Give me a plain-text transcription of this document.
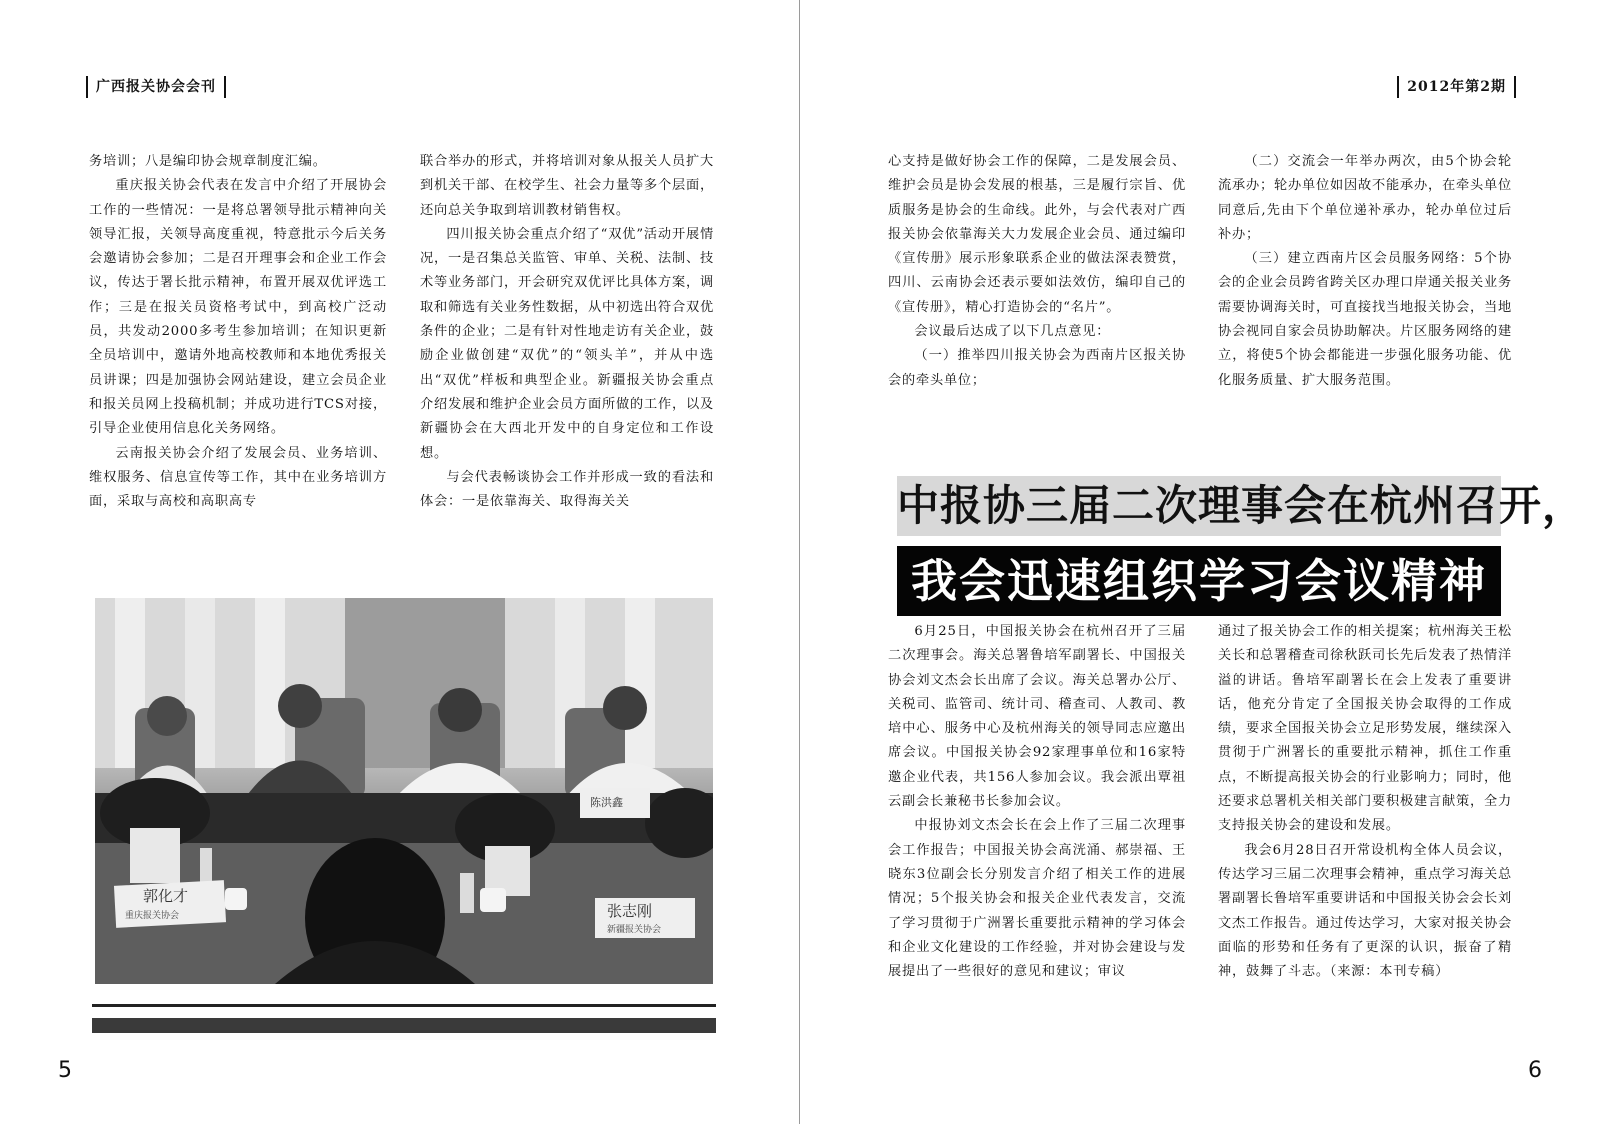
广西报关协会会刊

务培训；八是编印协会规章制度汇编。

重庆报关协会代表在发言中介绍了开展协会工作的一些情况：一是将总署领导批示精神向关领导汇报，关领导高度重视，特意批示今后关务会邀请协会参加；二是召开理事会和企业工作会议，传达于署长批示精神，布置开展双优评选工作；三是在报关员资格考试中，到高校广泛动员，共发动2000多考生参加培训；在知识更新全员培训中，邀请外地高校教师和本地优秀报关员讲课；四是加强协会网站建设，建立会员企业和报关员网上投稿机制；并成功进行TCS对接，引导企业使用信息化关务网络。

云南报关协会介绍了发展会员、业务培训、维权服务、信息宣传等工作，其中在业务培训方面，采取与高校和高职高专

联合举办的形式，并将培训对象从报关人员扩大到机关干部、在校学生、社会力量等多个层面，还向总关争取到培训教材销售权。

四川报关协会重点介绍了“双优”活动开展情况，一是召集总关监管、审单、关税、法制、技术等业务部门，开会研究双优评比具体方案，调取和筛选有关业务性数据，从中初选出符合双优条件的企业；二是有针对性地走访有关企业，鼓励企业做创建“双优”的“领头羊”，并从中选出“双优”样板和典型企业。新疆报关协会重点介绍发展和维护企业会员方面所做的工作，以及新疆协会在大西北开发中的自身定位和工作设想。

与会代表畅谈协会工作并形成一致的看法和体会：一是依靠海关、取得海关关

郭化才
重庆报关协会	张志刚
新疆报关协会
陈洪鑫
5
2012年第2期

心支持是做好协会工作的保障，二是发展会员、维护会员是协会发展的根基，三是履行宗旨、优质服务是协会的生命线。此外，与会代表对广西报关协会依靠海关大力发展企业会员、通过编印《宣传册》展示形象联系企业的做法深表赞赏，四川、云南协会还表示要如法效仿，编印自己的《宣传册》，精心打造协会的“名片”。

会议最后达成了以下几点意见：

（一）推举四川报关协会为西南片区报关协会的牵头单位；

（二）交流会一年举办两次，由5个协会轮流承办；轮办单位如因故不能承办，在牵头单位同意后,先由下个单位递补承办，轮办单位过后补办；

（三）建立西南片区会员服务网络：5个协会的企业会员跨省跨关区办理口岸通关报关业务需要协调海关时，可直接找当地报关协会，当地协会视同自家会员协助解决。片区服务网络的建立，将使5个协会都能进一步强化服务功能、优化服务质量、扩大服务范围。

中报协三届二次理事会在杭州召开，
我会迅速组织学习会议精神

6月25日，中国报关协会在杭州召开了三届二次理事会。海关总署鲁培军副署长、中国报关协会刘文杰会长出席了会议。海关总署办公厅、关税司、监管司、统计司、稽查司、人教司、教培中心、服务中心及杭州海关的领导同志应邀出席会议。中国报关协会92家理事单位和16家特邀企业代表，共156人参加会议。我会派出覃祖云副会长兼秘书长参加会议。

中报协刘文杰会长在会上作了三届二次理事会工作报告；中国报关协会高洸涌、郝崇福、王晓东3位副会长分别发言介绍了相关工作的进展情况；5个报关协会和报关企业代表发言，交流了学习贯彻于广洲署长重要批示精神的学习体会和企业文化建设的工作经验，并对协会建设与发展提出了一些很好的意见和建议；审议

通过了报关协会工作的相关提案；杭州海关王松关长和总署稽查司徐秋跃司长先后发表了热情洋溢的讲话。鲁培军副署长在会上发表了重要讲话，他充分肯定了全国报关协会取得的工作成绩，要求全国报关协会立足形势发展，继续深入贯彻于广洲署长的重要批示精神，抓住工作重点，不断提高报关协会的行业影响力；同时，他还要求总署机关相关部门要积极建言献策，全力支持报关协会的建设和发展。

我会6月28日召开常设机构全体人员会议，传达学习三届二次理事会精神，重点学习海关总署副署长鲁培军重要讲话和中国报关协会会长刘文杰工作报告。通过传达学习，大家对报关协会面临的形势和任务有了更深的认识，振奋了精神，鼓舞了斗志。（来源：本刊专稿）

6
